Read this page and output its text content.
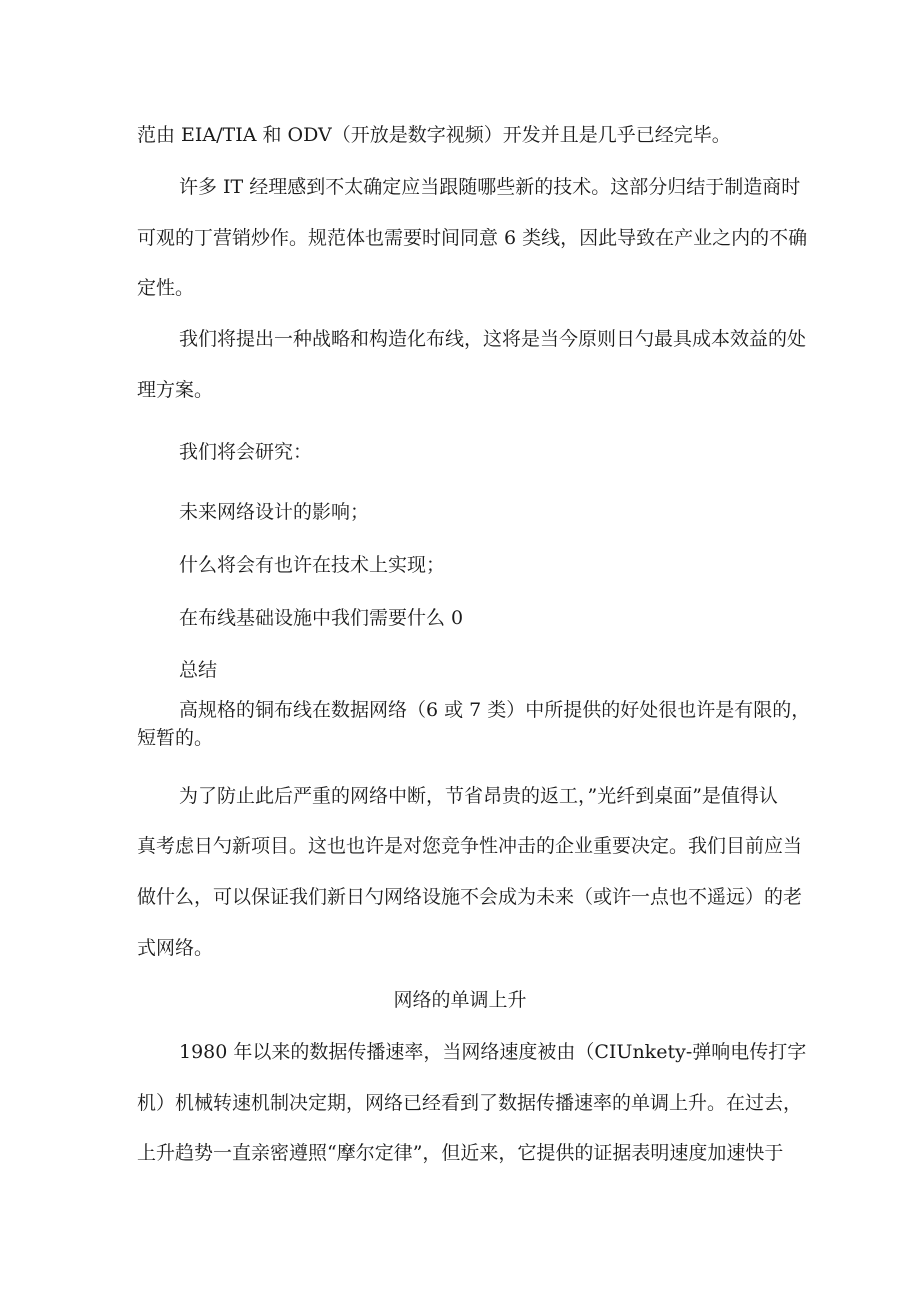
范由 EIA/TIA 和 ODV（开放是数字视频）开发并且是几乎已经完毕。
许多 IT 经理感到不太确定应当跟随哪些新的技术。这部分归结于制造商时
可观的丁营销炒作。规范体也需要时间同意 6 类线，因此导致在产业之内的不确
定性。
我们将提出一种战略和构造化布线，这将是当今原则日勺最具成本效益的处
理方案。
我们将会研究：
未来网络设计的影响；
什么将会有也许在技术上实现；
在布线基础设施中我们需要什么 0
总结
高规格的铜布线在数据网络（6 或 7 类）中所提供的好处很也许是有限的，
短暂的。
为了防止此后严重的网络中断，节省昂贵的返工，”光纤到桌面”是值得认
真考虑日勺新项目。这也也许是对您竞争性冲击的企业重要决定。我们目前应当
做什么，可以保证我们新日勺网络设施不会成为未来（或许一点也不遥远）的老
式网络。
网络的单调上升
1980 年以来的数据传播速率，当网络速度被由（CIUnkety-弹响电传打字
机）机械转速机制决定期，网络已经看到了数据传播速率的单调上升。在过去，
上升趋势一直亲密遵照“摩尔定律”，但近来，它提供的证据表明速度加速快于
